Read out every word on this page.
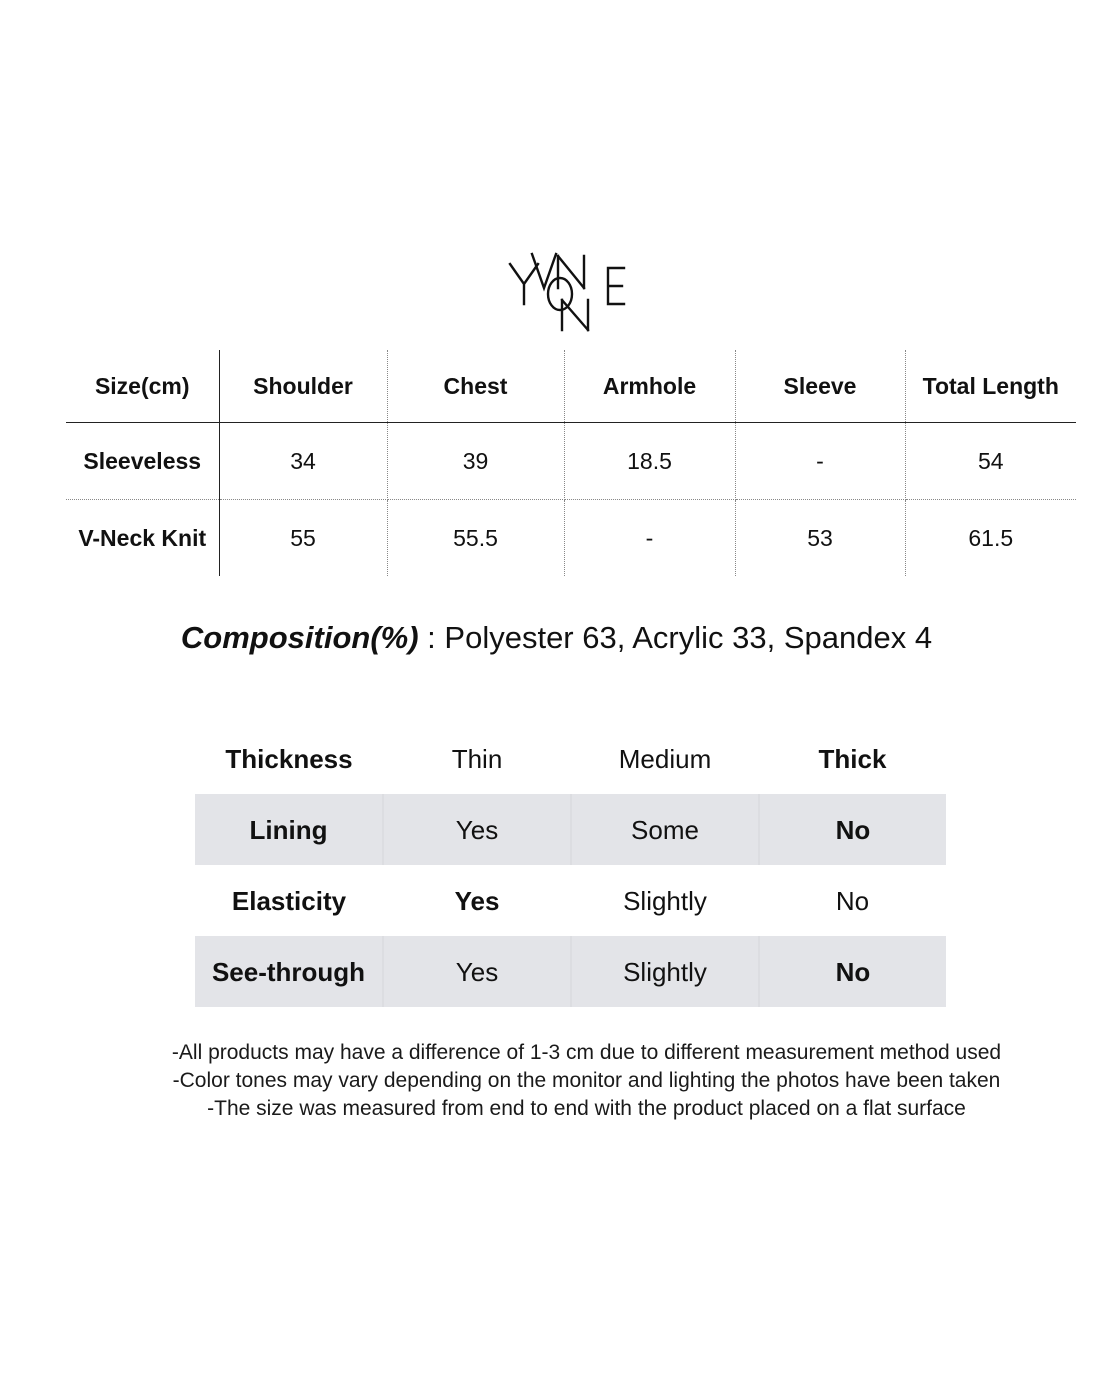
Size(cm)	Shoulder	Chest	Armhole	Sleeve	Total Length
Sleeveless	34	39	18.5	-	54
V-Neck Knit	55	55.5	-	53	61.5
Composition(%) : Polyester 63, Acrylic 33, Spandex 4
Thickness	Thin	Medium	Thick
Lining	Yes	Some	No
Elasticity	Yes	Slightly	No
See-through	Yes	Slightly	No
-All products may have a difference of 1-3 cm due to different measurement method used
-Color tones may vary depending on the monitor and lighting the photos have been taken
-The size was measured from end to end with the product placed on a flat surface
